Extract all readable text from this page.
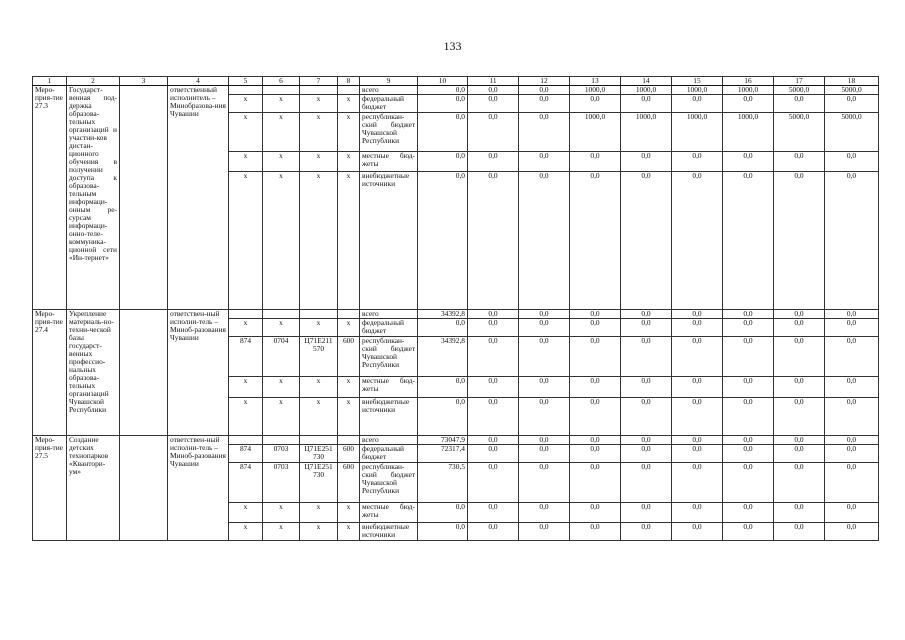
133
1	2	3	4	5	6	7	8	9	10	11	12	13	14	15	16	17	18
Меро-прия-тие 27.3	Государст-венная под-держка образова-тельных организаций и участни-ков дистан-ционного обучения в получении доступа к образова-тельным информаци-онным ре-сурсам информаци-онно-теле-коммуника-ционной сети «Ин-тернет»		ответственный исполнитель – Минобразова-ния Чувашии					всего	0,0	0,0	0,0	1000,0	1000,0	1000,0	1000,0	5000,0	5000,0
				x	x	x	x	федеральный бюджет	0,0	0,0	0,0	0,0	0,0	0,0	0,0	0,0	0,0
				x	x	x	x	республикан-ский бюджет Чувашской Республики	0,0	0,0	0,0	1000,0	1000,0	1000,0	1000,0	5000,0	5000,0
				x	x	x	x	местные бюд-жеты	0,0	0,0	0,0	0,0	0,0	0,0	0,0	0,0	0,0
				x	x	x	x	внебюджетные источники	0,0	0,0	0,0	0,0	0,0	0,0	0,0	0,0	0,0
Меро-прия-тие 27.4	Укрепление материаль-но-техни-ческой базы государст-венных профессио-нальных образова-тельных организаций Чувашской Республики		ответствен-ный исполни-тель – Миноб-разования Чувашии					всего	34392,8	0,0	0,0	0,0	0,0	0,0	0,0	0,0	0,0
				x	x	x	x	федеральный бюджет	0,0	0,0	0,0	0,0	0,0	0,0	0,0	0,0	0,0
				874	0704	Ц71Е211 570	600	республикан-ский бюджет Чувашской Республики	34392,8	0,0	0,0	0,0	0,0	0,0	0,0	0,0	0,0
				x	x	x	x	местные бюд-жеты	0,0	0,0	0,0	0,0	0,0	0,0	0,0	0,0	0,0
				x	x	x	x	внебюджетные источники	0,0	0,0	0,0	0,0	0,0	0,0	0,0	0,0	0,0
Меро-прия-тие 27.5	Создание детских технопарков «Квантори-ум»		ответствен-ный исполни-тель – Миноб-разования Чувашии					всего	73047,9	0,0	0,0	0,0	0,0	0,0	0,0	0,0	0,0
				874	0703	Ц71Е251 730	600	федеральный бюджет	72317,4	0,0	0,0	0,0	0,0	0,0	0,0	0,0	0,0
				874	0703	Ц71Е251 730	600	республикан-ский бюджет Чувашской Республики	730,5	0,0	0,0	0,0	0,0	0,0	0,0	0,0	0,0
				x	x	x	x	местные бюд-жеты	0,0	0,0	0,0	0,0	0,0	0,0	0,0	0,0	0,0
				x	x	x	x	внебюджетные источники	0,0	0,0	0,0	0,0	0,0	0,0	0,0	0,0	0,0
